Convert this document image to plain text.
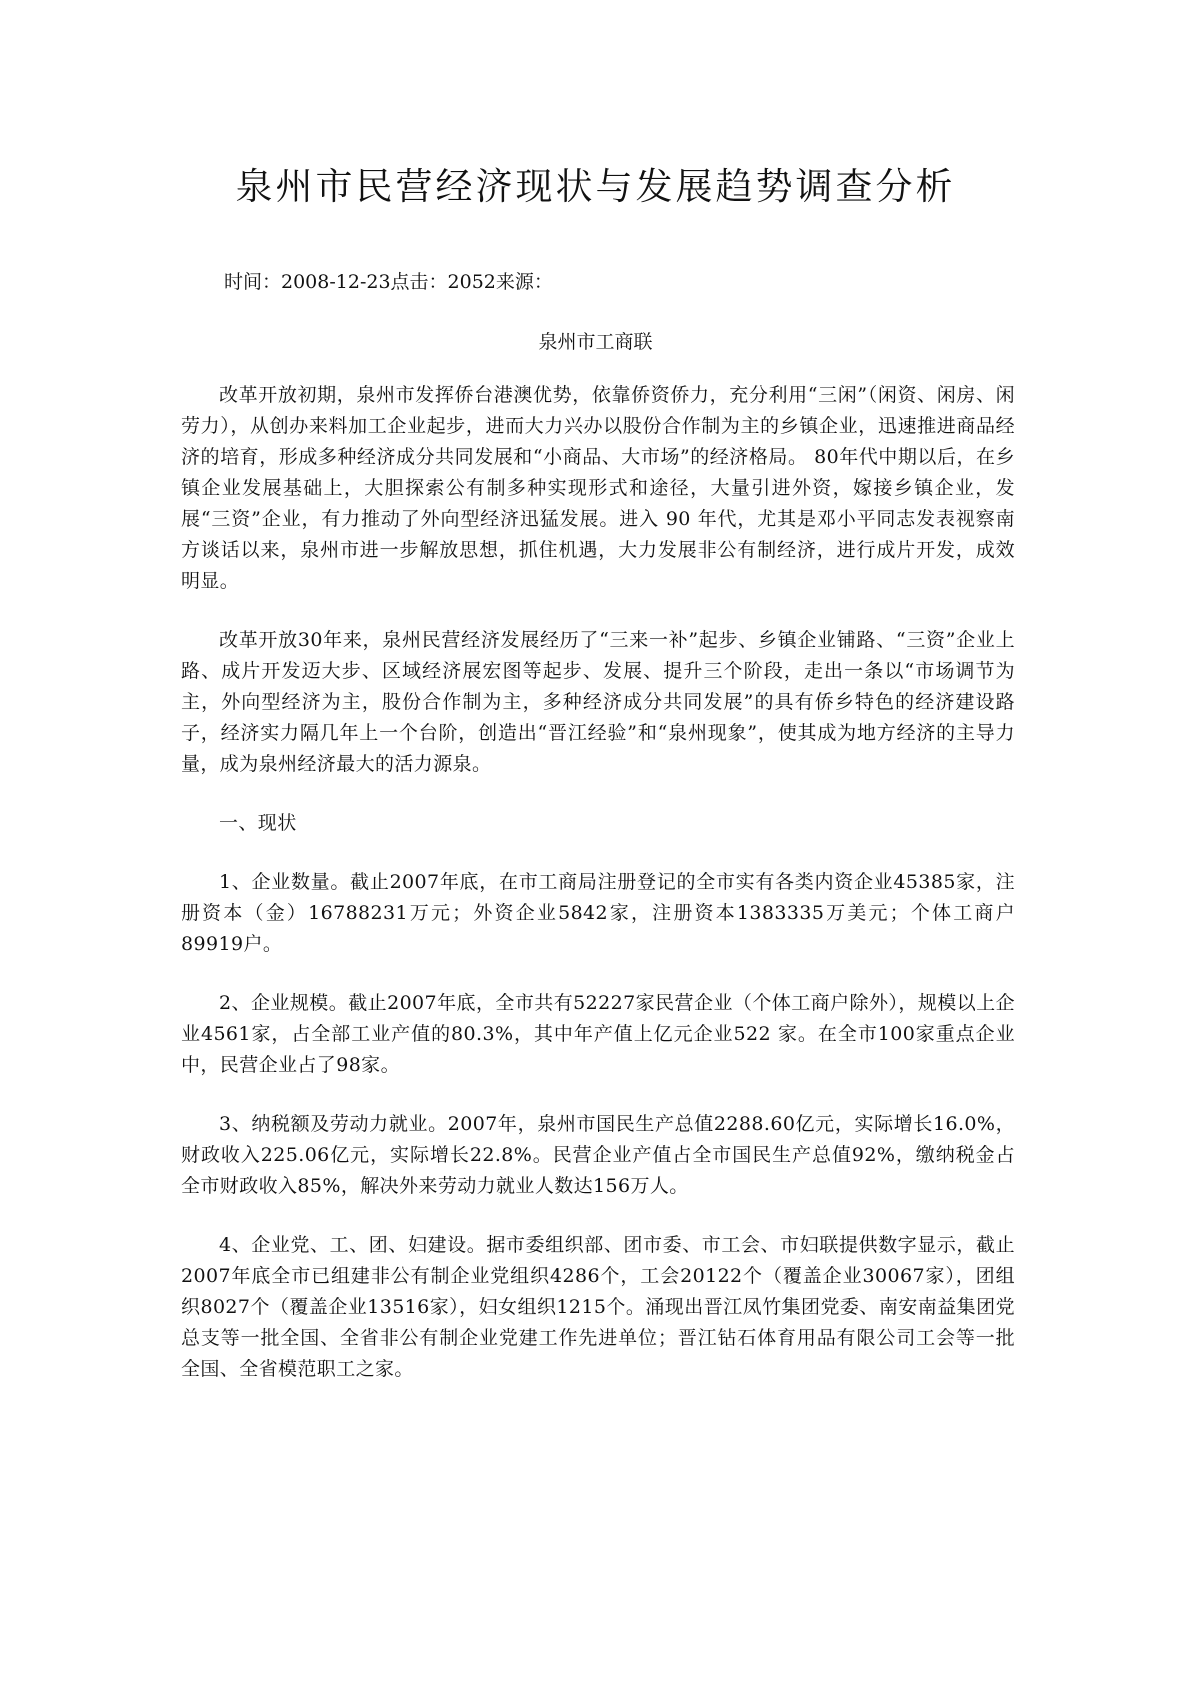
泉州市民营经济现状与发展趋势调查分析

时间：2008-12-23点击：2052来源：

泉州市工商联

改革开放初期，泉州市发挥侨台港澳优势，依靠侨资侨力，充分利用“三闲”（闲资、闲房、闲劳力），从创办来料加工企业起步，进而大力兴办以股份合作制为主的乡镇企业，迅速推进商品经济的培育，形成多种经济成分共同发展和“小商品、大市场”的经济格局。 80年代中期以后，在乡镇企业发展基础上，大胆探索公有制多种实现形式和途径，大量引进外资，嫁接乡镇企业，发展“三资”企业，有力推动了外向型经济迅猛发展。进入 90 年代，尤其是邓小平同志发表视察南方谈话以来，泉州市进一步解放思想，抓住机遇，大力发展非公有制经济，进行成片开发，成效明显。

改革开放30年来，泉州民营经济发展经历了“三来一补”起步、乡镇企业铺路、“三资”企业上路、成片开发迈大步、区域经济展宏图等起步、发展、提升三个阶段，走出一条以“市场调节为主，外向型经济为主，股份合作制为主，多种经济成分共同发展”的具有侨乡特色的经济建设路子，经济实力隔几年上一个台阶，创造出“晋江经验”和“泉州现象”，使其成为地方经济的主导力量，成为泉州经济最大的活力源泉。

一、现状

1、企业数量。截止2007年底，在市工商局注册登记的全市实有各类内资企业45385家，注册资本（金）16788231万元；外资企业5842家，注册资本1383335万美元；个体工商户89919户。

2、企业规模。截止2007年底，全市共有52227家民营企业（个体工商户除外），规模以上企业4561家，占全部工业产值的80.3%，其中年产值上亿元企业522 家。在全市100家重点企业中，民营企业占了98家。

3、纳税额及劳动力就业。2007年，泉州市国民生产总值2288.60亿元，实际增长16.0%，财政收入225.06亿元，实际增长22.8%。民营企业产值占全市国民生产总值92%，缴纳税金占全市财政收入85%，解决外来劳动力就业人数达156万人。

4、企业党、工、团、妇建设。据市委组织部、团市委、市工会、市妇联提供数字显示，截止2007年底全市已组建非公有制企业党组织4286个，工会20122个（覆盖企业30067家），团组织8027个（覆盖企业13516家），妇女组织1215个。涌现出晋江凤竹集团党委、南安南益集团党总支等一批全国、全省非公有制企业党建工作先进单位；晋江钻石体育用品有限公司工会等一批全国、全省模范职工之家。
